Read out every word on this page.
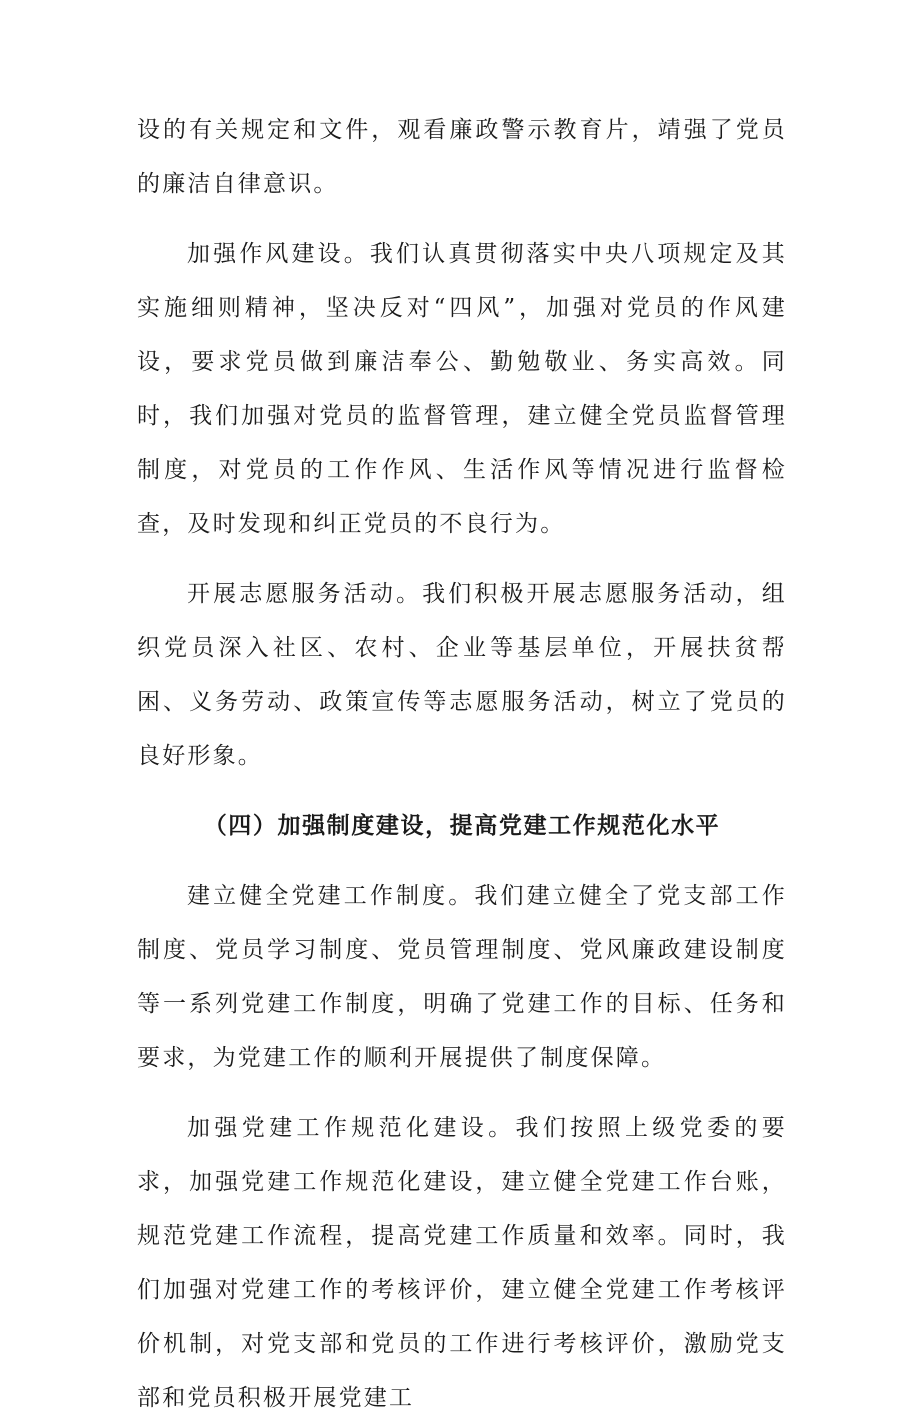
设的有关规定和文件，观看廉政警示教育片，靖强了党员的廉洁自律意识。

加强作风建设。我们认真贯彻落实中央八项规定及其实施细则精神，坚决反对“四风”，加强对党员的作风建设，要求党员做到廉洁奉公、勤勉敬业、务实高效。同时，我们加强对党员的监督管理，建立健全党员监督管理制度，对党员的工作作风、生活作风等情况进行监督检查，及时发现和纠正党员的不良行为。

开展志愿服务活动。我们积极开展志愿服务活动，组织党员深入社区、农村、企业等基层单位，开展扶贫帮困、义务劳动、政策宣传等志愿服务活动，树立了党员的良好形象。

（四）加强制度建设，提高党建工作规范化水平

建立健全党建工作制度。我们建立健全了党支部工作制度、党员学习制度、党员管理制度、党风廉政建设制度等一系列党建工作制度，明确了党建工作的目标、任务和要求，为党建工作的顺利开展提供了制度保障。

加强党建工作规范化建设。我们按照上级党委的要求，加强党建工作规范化建设，建立健全党建工作台账，规范党建工作流程，提高党建工作质量和效率。同时，我们加强对党建工作的考核评价，建立健全党建工作考核评价机制，对党支部和党员的工作进行考核评价，激励党支部和党员积极开展党建工
